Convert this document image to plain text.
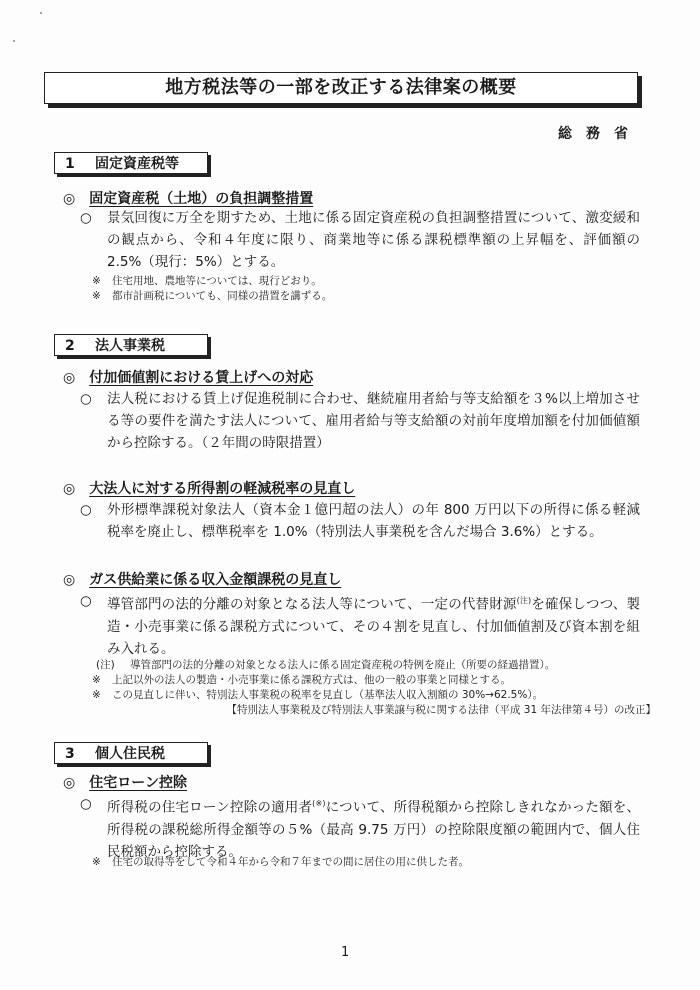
地方税法等の一部を改正する法律案の概要
総務省
1 固定資産税等
◎ 固定資産税（土地）の負担調整措置
○	景気回復に万全を期すため、土地に係る固定資産税の負担調整措置について、激変緩和の観点から、令和４年度に限り、商業地等に係る課税標準額の上昇幅を、評価額の2.5%（現行：5%）とする。
※ 住宅用地、農地等については、現行どおり。
※ 都市計画税についても、同様の措置を講ずる。
2 法人事業税
◎ 付加価値割における賃上げへの対応
○	法人税における賃上げ促進税制に合わせ、継続雇用者給与等支給額を３%以上増加させる等の要件を満たす法人について、雇用者給与等支給額の対前年度増加額を付加価値額から控除する。（２年間の時限措置）
◎ 大法人に対する所得割の軽減税率の見直し
○	外形標準課税対象法人（資本金１億円超の法人）の年 800 万円以下の所得に係る軽減税率を廃止し、標準税率を 1.0%（特別法人事業税を含んだ場合 3.6%）とする。
◎ ガス供給業に係る収入金額課税の見直し
○	導管部門の法的分離の対象となる法人等について、一定の代替財源$^{(注)}$を確保しつつ、製造・小売事業に係る課税方式について、その４割を見直し、付加価値割及び資本割を組み入れる。
(注) 導管部門の法的分離の対象となる法人に係る固定資産税の特例を廃止（所要の経過措置）。
※ 上記以外の法人の製造・小売事業に係る課税方式は、他の一般の事業と同様とする。
※ この見直しに伴い、特別法人事業税の税率を見直し（基準法人収入割額の 30%→62.5%）。
【特別法人事業税及び特別法人事業譲与税に関する法律（平成 31 年法律第４号）の改正】
3 個人住民税
◎ 住宅ローン控除
○	所得税の住宅ローン控除の適用者(※)について、所得税額から控除しきれなかった額を、所得税の課税総所得金額等の５%（最高 9.75 万円）の控除限度額の範囲内で、個人住民税額から控除する。
※ 住宅の取得等をして令和４年から令和７年までの間に居住の用に供した者。
1
